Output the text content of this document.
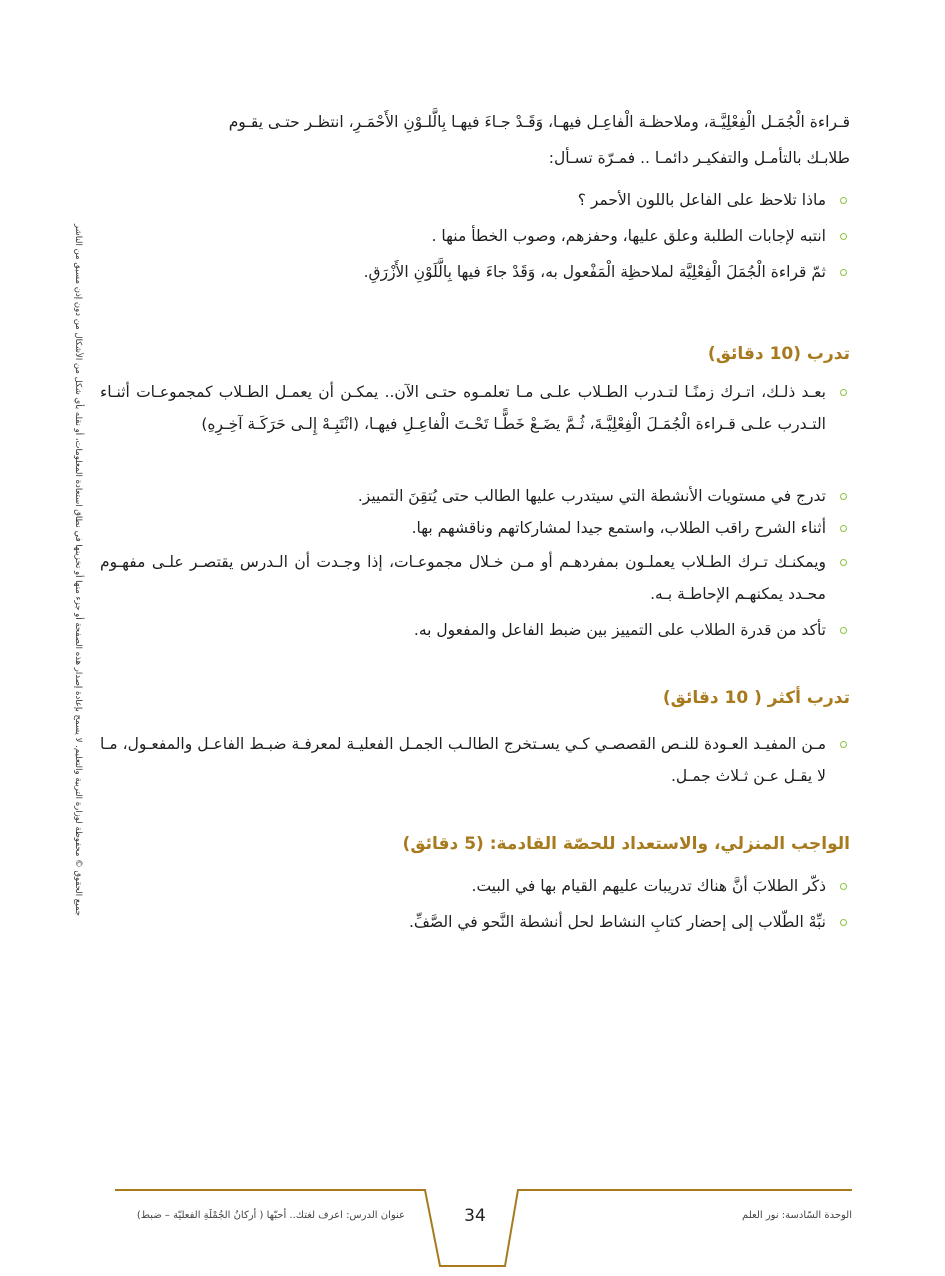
قـراءة الْجُمَـل الْفِعْلِيَّـة، وملاحظـة الْفاعِـل فيهـا، وَقَـدْ جـاءَ فيهـا بِالَّلـوْنِ الأَحْمَـرِ، انتظـر حتـى يقـوم
طلابـك بالتأمـل والتفكيـر دائمـا .. فمـرّة تسـأل:
ماذا تلاحظ على الفاعل باللون الأحمر ؟
انتبه لإجابات الطلبة وعلق عليها، وحفزهم، وصوب الخطأ منها .
ثمّ قراءة الْجُمَلَ الْفِعْلِيَّة لملاحظِة الْمَفْعول به، وَقَدْ جاءَ فيها بِالَّلَوْنِ الأَزْرَقِ.
تدرب (10 دقائق)
بعـد ذلـك، اتـرك زمنًـا لتـدرب الطـلاب علـى مـا تعلمـوه حتـى الآن.. يمكـن أن يعمـل الطـلاب كمجموعـات أثنـاء التـدرب علـى قـراءة الْجُمَـلَ الْفِعْلِيَّـةَ، ثُـمَّ يضَـعْ خَطًّـا تَحْـتَ الْفاعِـلِ فيهـا، (انْتَبِـهْ إِلـى حَرَكَـة آخِـرِهِ)
تدرج في مستويات الأنشطة التي سيتدرب عليها الطالب حتى يُتقِنَ التمييز.
أثناء الشرح راقب الطلاب، واستمع جيدا لمشاركاتهم وناقشهم بها.
ويمكنـك تـرك الطـلاب يعملـون بمفردهـم أو مـن خـلال مجموعـات، إذا وجـدت أن الـدرس يقتصـر علـى مفهـوم محـدد يمكنهـم الإحاطـة بـه.
تأكد من قدرة الطلاب على التمييز بين ضبط الفاعل والمفعول به.
تدرب أكثر ( 10 دقائق)
مـن المفيـد العـودة للنـص القصصـي كـي يسـتخرج الطالـب الجمـل الفعليـة لمعرفـة ضبـط الفاعـل والمفعـول، مـا لا يقـل عـن ثـلاث جمـل.
الواجب المنزلي، والاستعداد للحصّة القادمة: (5 دقائق)
ذكّر الطلابَ أنَّ هناك تدريبات عليهم القيام بها في البيت.
نبِّهْ الطّلاب إلى إحضار كتابِ النشاط لحل أنشطة النَّحو في الصَّفِّ.
جميع الحقوق © محفوظة لوزارة التربية والتعليم. لا يسمح بإعادة إصدار هذه الصفحة أو جزء منها أو تخزينها في نطاق استعادة المعلومات، أو نقله بأي شكل من الأشكال من دون إذن مسبق من الناشر
الوحدة السّادسة: نور العلم
34
عنوان الدرس: اعرف لغتك.. أحبّها ( أركانُ الجُمْلَةِ الفعليّة – ضبط)
